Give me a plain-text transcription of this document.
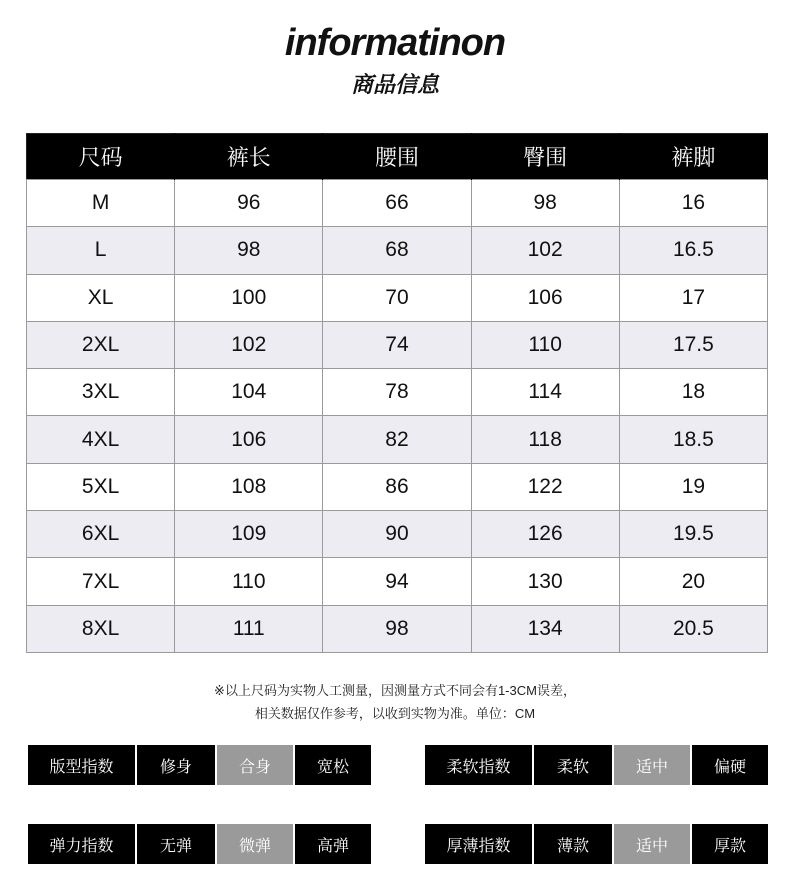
informatinon
商品信息
尺码	裤长	腰围	臀围	裤脚
M	96	66	98	16
L	98	68	102	16.5
XL	100	70	106	17
2XL	102	74	110	17.5
3XL	104	78	114	18
4XL	106	82	118	18.5
5XL	108	86	122	19
6XL	109	90	126	19.5
7XL	110	94	130	20
8XL	111	98	134	20.5
※以上尺码为实物人工测量，因测量方式不同会有1-3CM误差，
相关数据仅作参考，以收到实物为准。单位：CM
版型指数	修身	合身	宽松	柔软指数	柔软	适中	偏硬
弹力指数	无弹	微弹	高弹	厚薄指数	薄款	适中	厚款
